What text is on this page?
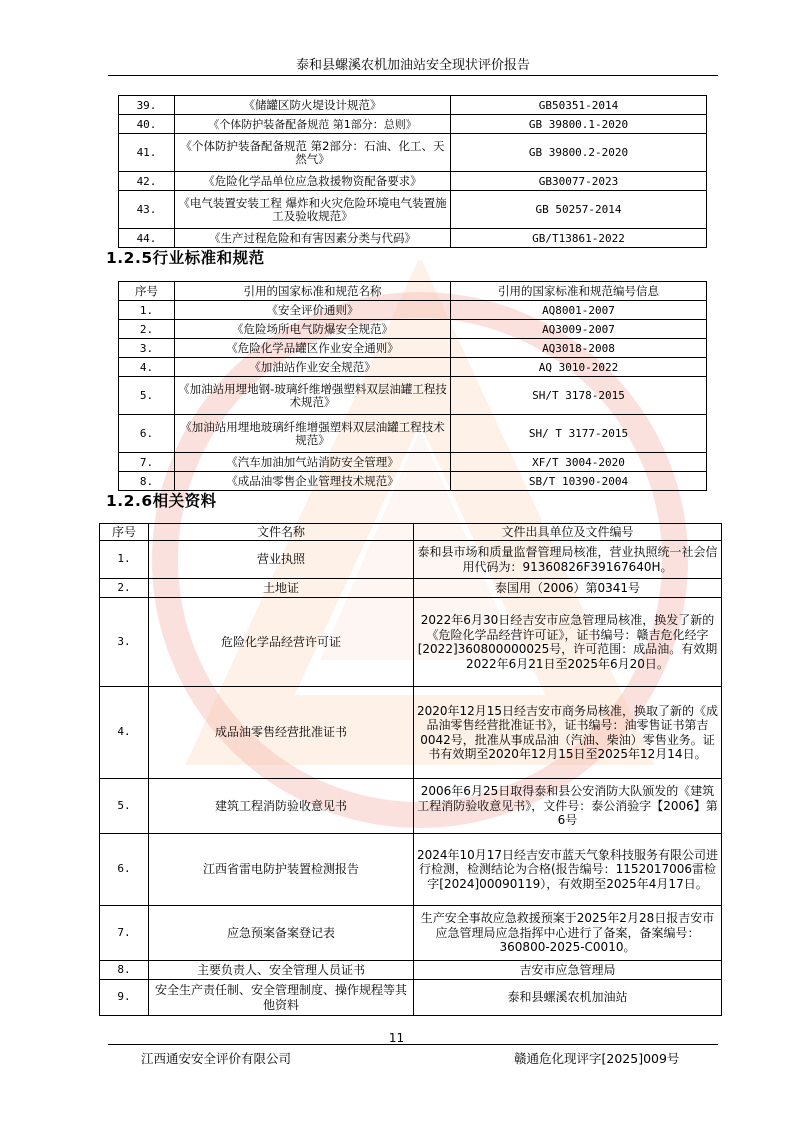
泰和县螺溪农机加油站安全现状评价报告
39.	《储罐区防火堤设计规范》	GB50351-2014
40.	《个体防护装备配备规范 第1部分：总则》	GB 39800.1-2020
41.	《个体防护装备配备规范 第2部分：石油、化工、天然气》	GB 39800.2-2020
42.	《危险化学品单位应急救援物资配备要求》	GB30077-2023
43.	《电气装置安装工程 爆炸和火灾危险环境电气装置施工及验收规范》	GB 50257-2014
44.	《生产过程危险和有害因素分类与代码》	GB/T13861-2022
1.2.5行业标准和规范
序号	引用的国家标准和规范名称	引用的国家标准和规范编号信息
1.	《安全评价通则》	AQ8001-2007
2.	《危险场所电气防爆安全规范》	AQ3009-2007
3.	《危险化学品罐区作业安全通则》	AQ3018-2008
4.	《加油站作业安全规范》	AQ 3010-2022
5.	《加油站用埋地钢-玻璃纤维增强塑料双层油罐工程技术规范》	SH/T 3178-2015
6.	《加油站用埋地玻璃纤维增强塑料双层油罐工程技术规范》	SH/ T 3177-2015
7.	《汽车加油加气站消防安全管理》	XF/T 3004-2020
8.	《成品油零售企业管理技术规范》	SB/T 10390-2004
1.2.6相关资料
序号	文件名称	文件出具单位及文件编号
1.	营业执照	泰和县市场和质量监督管理局核准，营业执照统一社会信用代码为：91360826F39167640H。
2.	土地证	泰国用（2006）第0341号
3.	危险化学品经营许可证	2022年6月30日经吉安市应急管理局核准，换发了新的《危险化学品经营许可证》，证书编号：赣吉危化经字[2022]360800000025号，许可范围：成品油。有效期2022年6月21日至2025年6月20日。
4.	成品油零售经营批准证书	2020年12月15日经吉安市商务局核准，换取了新的《成品油零售经营批准证书》，证书编号：油零售证书第吉0042号，批准从事成品油（汽油、柴油）零售业务。证书有效期至2020年12月15日至2025年12月14日。
5.	建筑工程消防验收意见书	2006年6月25日取得泰和县公安消防大队颁发的《建筑工程消防验收意见书》，文件号：泰公消验字【2006】第6号
6.	江西省雷电防护装置检测报告	2024年10月17日经吉安市蓝天气象科技服务有限公司进行检测，检测结论为合格(报告编号：1152017006雷检字[2024]00090119），有效期至2025年4月17日。
7.	应急预案备案登记表	生产安全事故应急救援预案于2025年2月28日报吉安市应急管理局应急指挥中心进行了备案，备案编号：360800-2025-C0010。
8.	主要负责人、安全管理人员证书	吉安市应急管理局
9.	安全生产责任制、安全管理制度、操作规程等其他资料	泰和县螺溪农机加油站
11
江西通安安全评价有限公司	赣通危化现评字[2025]009号
